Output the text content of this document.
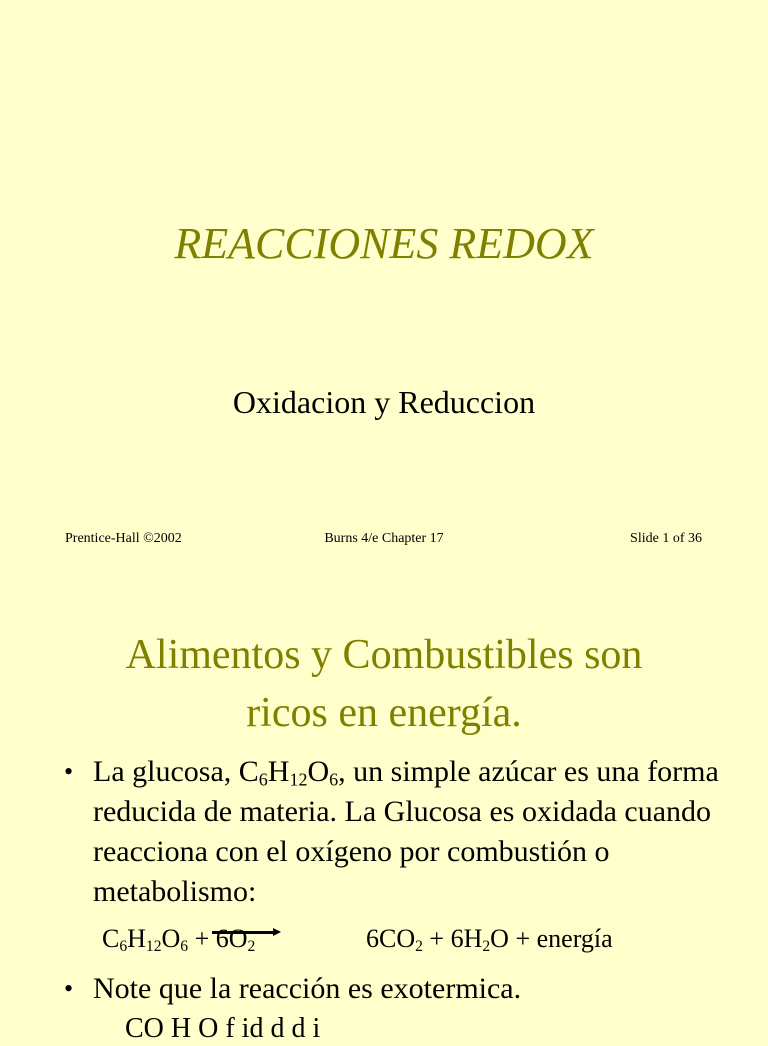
REACCIONES REDOX
Oxidacion y Reduccion
Prentice-Hall ©2002	Burns 4/e Chapter 17	Slide 1 of 36
Alimentos y Combustibles son
ricos en energía.
• La glucosa, $C_6H_{12}O_6$, un simple azúcar es una forma reducida de materia. La Glucosa es oxidada cuando reacciona con el oxígeno por combustión o metabolismo:
• Note que la reacción es exotermica.
$C_6H_{12}O_6 + 6O_2$	$6CO_2 + 6H_2O$ + energía
CO H O f id d d i
